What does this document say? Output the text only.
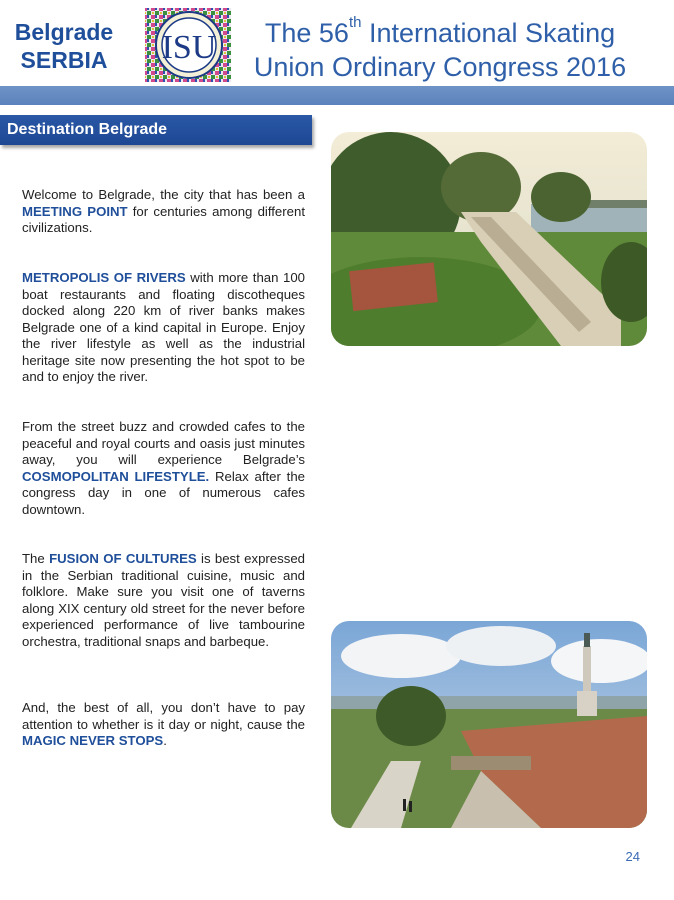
Belgrade
SERBIA	ISU	The 56th International Skating
Union Ordinary Congress 2016
Destination Belgrade
Welcome to Belgrade, the city that has been a MEETING POINT for centuries among different civilizations.
METROPOLIS OF RIVERS with more than 100 boat restaurants and floating discotheques docked along 220 km of river banks makes Belgrade one of a kind capital in Europe. Enjoy the river lifestyle as well as the industrial heritage site now presenting the hot spot to be and to enjoy the river.
From the street buzz and crowded cafes to the peaceful and royal courts and oasis just minutes away, you will experience Belgrade’s COSMOPOLITAN LIFESTYLE. Relax after the congress day in one of numerous cafes downtown.
The FUSION OF CULTURES is best expressed in the Serbian traditional cuisine, music and folklore. Make sure you visit one of taverns along XIX century old street for the never before experienced performance of live tambourine orchestra, traditional snaps and barbeque.
And, the best of all, you don’t have to pay attention to whether is it day or night, cause the MAGIC NEVER STOPS.
24
